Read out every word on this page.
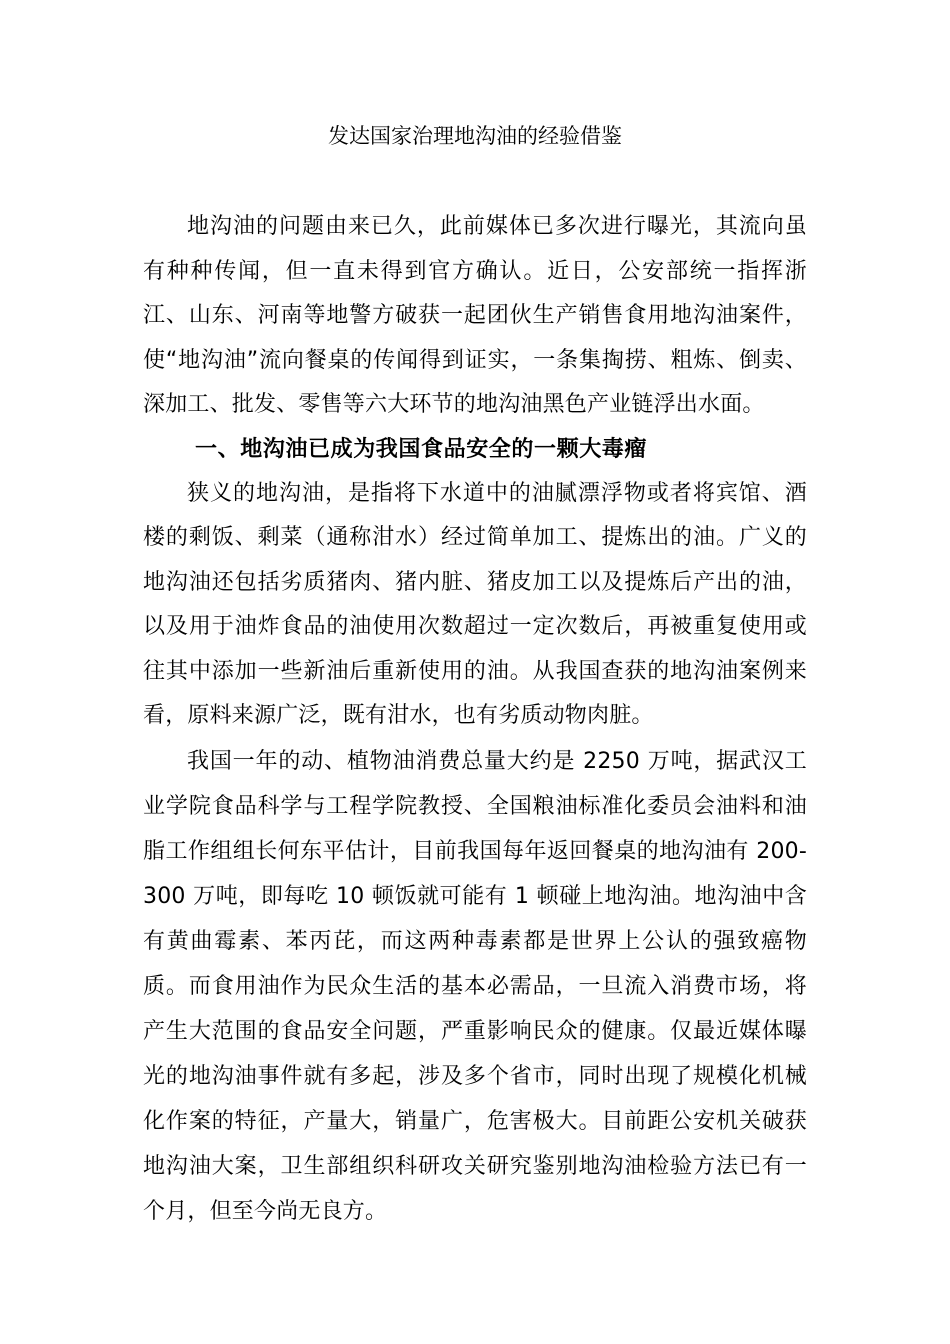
发达国家治理地沟油的经验借鉴

地沟油的问题由来已久，此前媒体已多次进行曝光，其流向虽有种种传闻，但一直未得到官方确认。近日，公安部统一指挥浙江、山东、河南等地警方破获一起团伙生产销售食用地沟油案件，使“地沟油”流向餐桌的传闻得到证实，一条集掏捞、粗炼、倒卖、深加工、批发、零售等六大环节的地沟油黑色产业链浮出水面。

一、地沟油已成为我国食品安全的一颗大毒瘤

狭义的地沟油，是指将下水道中的油腻漂浮物或者将宾馆、酒楼的剩饭、剩菜（通称泔水）经过简单加工、提炼出的油。广义的地沟油还包括劣质猪肉、猪内脏、猪皮加工以及提炼后产出的油，以及用于油炸食品的油使用次数超过一定次数后，再被重复使用或往其中添加一些新油后重新使用的油。从我国查获的地沟油案例来看，原料来源广泛，既有泔水，也有劣质动物肉脏。

我国一年的动、植物油消费总量大约是 2250 万吨，据武汉工业学院食品科学与工程学院教授、全国粮油标准化委员会油料和油脂工作组组长何东平估计，目前我国每年返回餐桌的地沟油有 200-300 万吨，即每吃 10 顿饭就可能有 1 顿碰上地沟油。地沟油中含有黄曲霉素、苯丙芘，而这两种毒素都是世界上公认的强致癌物质。而食用油作为民众生活的基本必需品，一旦流入消费市场，将产生大范围的食品安全问题，严重影响民众的健康。仅最近媒体曝光的地沟油事件就有多起，涉及多个省市，同时出现了规模化机械化作案的特征，产量大，销量广，危害极大。目前距公安机关破获地沟油大案，卫生部组织科研攻关研究鉴别地沟油检验方法已有一个月，但至今尚无良方。
